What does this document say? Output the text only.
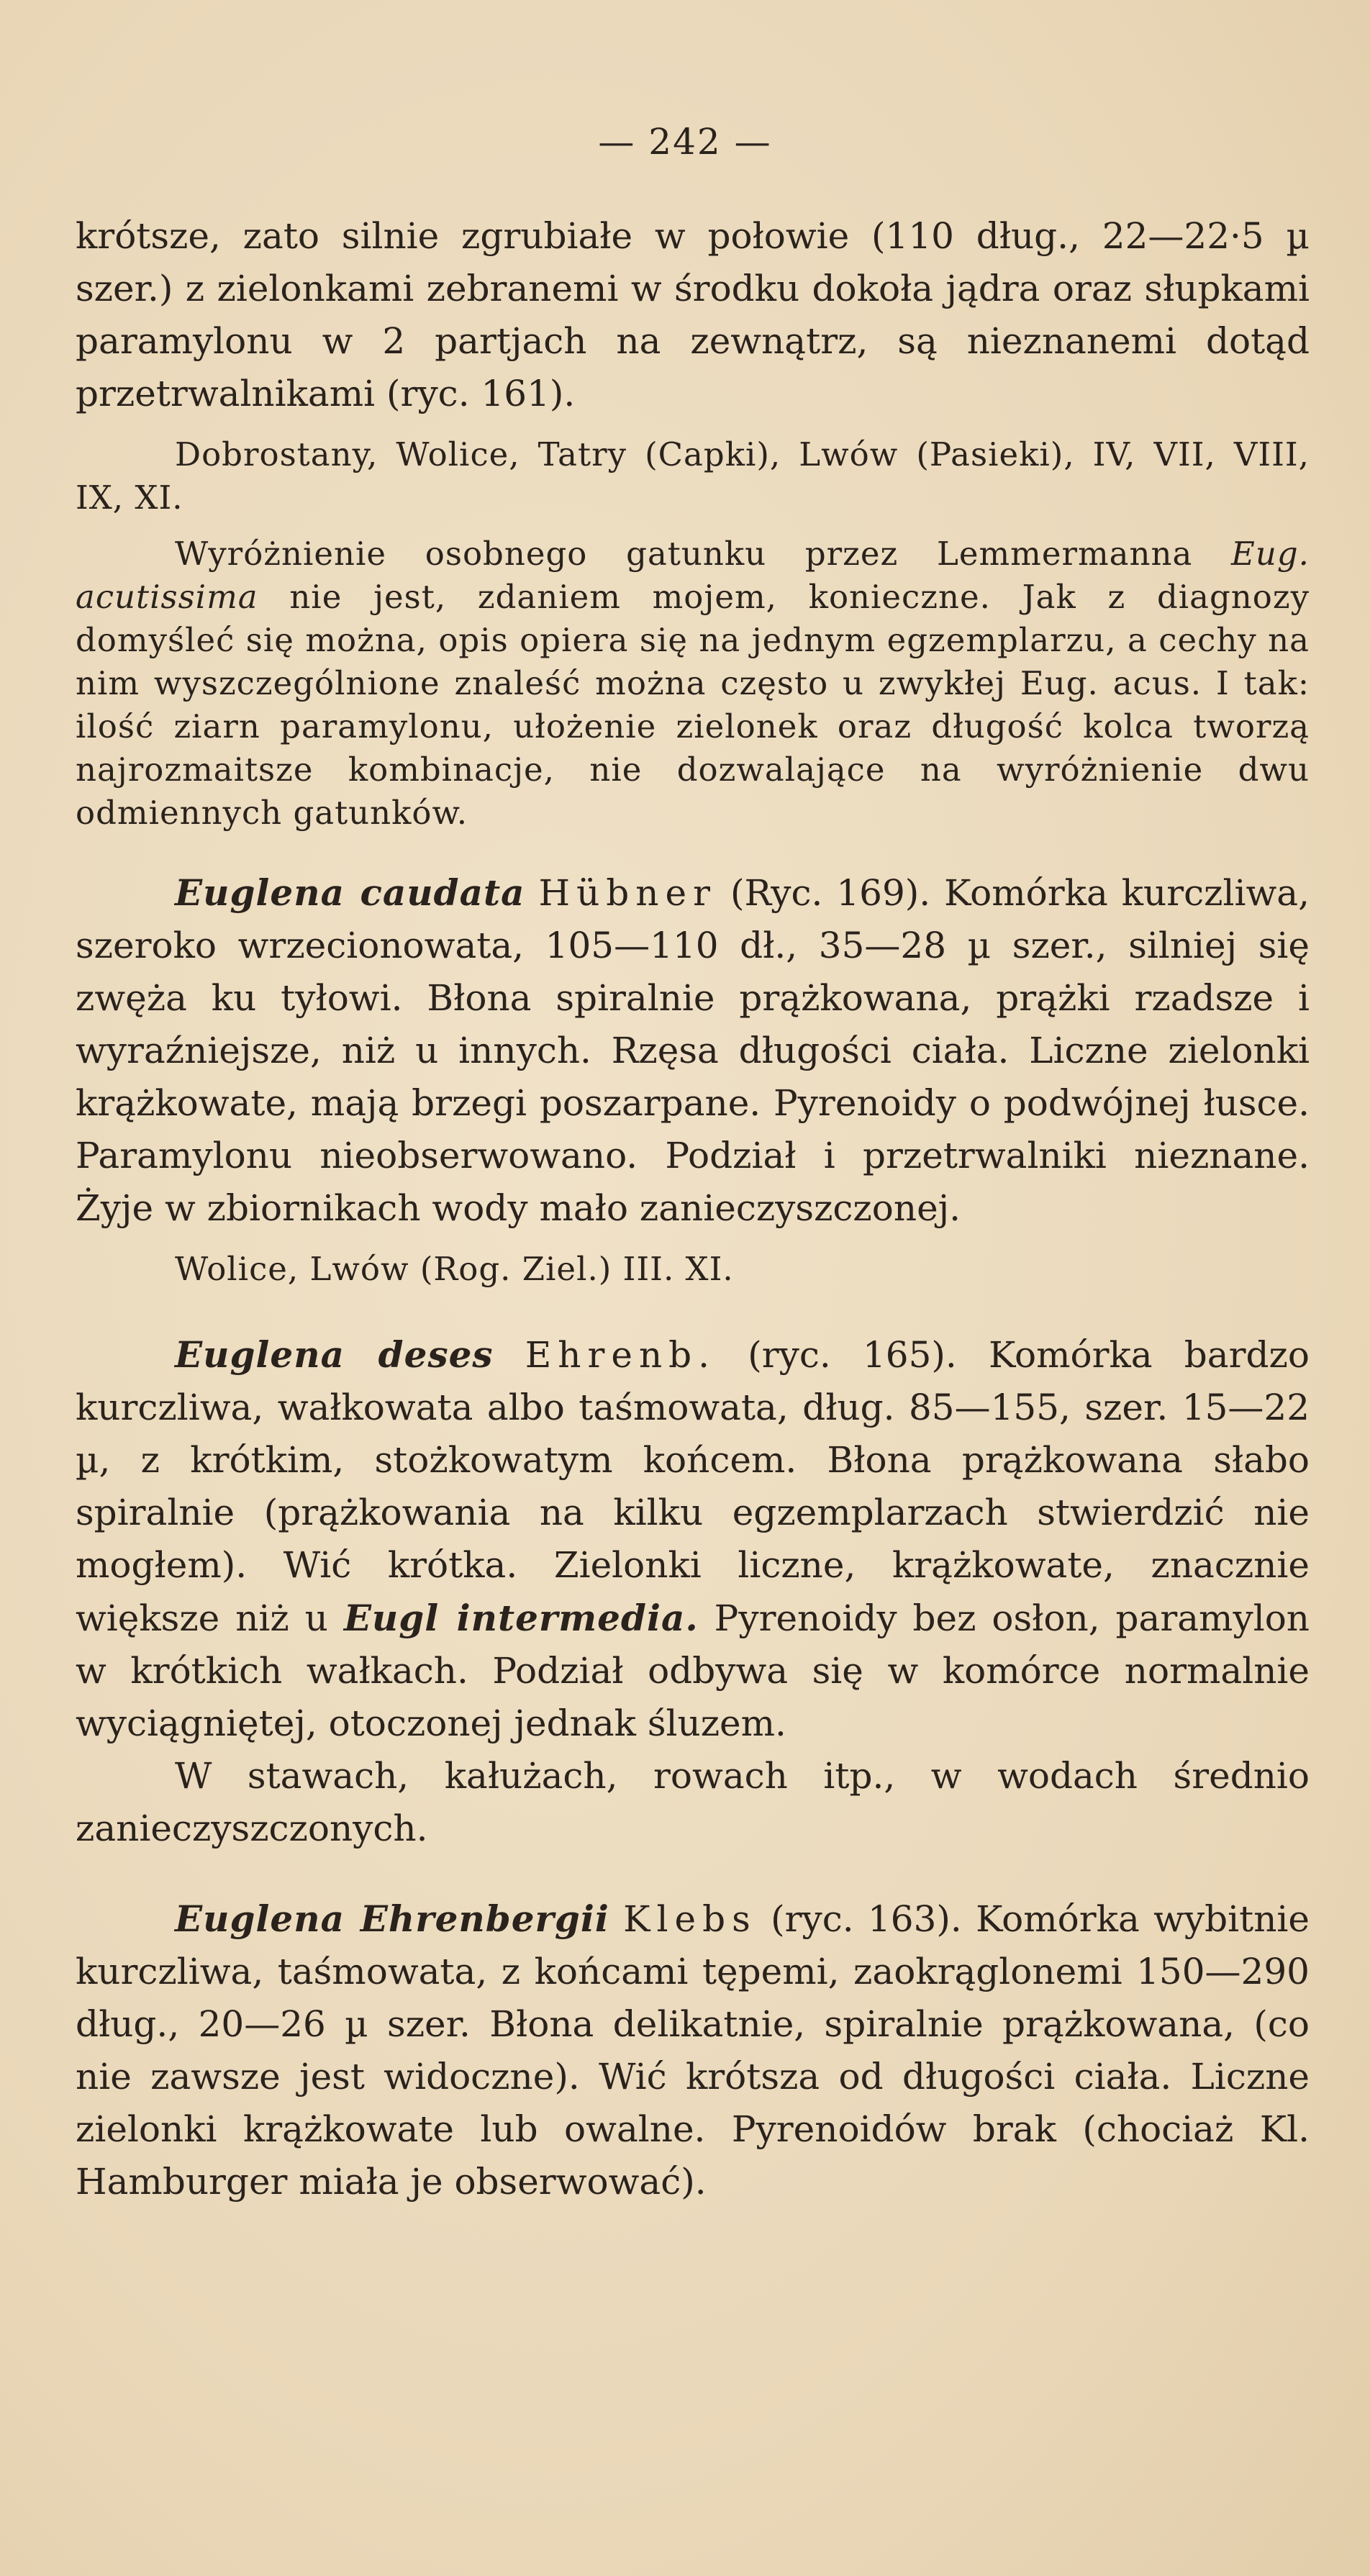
— 242 —

krótsze, zato silnie zgrubiałe w połowie (110 dług., 22—22·5 µ szer.) z zielonkami zebranemi w środku dokoła jądra oraz słupkami paramylonu w 2 partjach na zewnątrz, są nieznanemi dotąd przetrwalnikami (ryc. 161).

Dobrostany, Wolice, Tatry (Capki), Lwów (Pasieki), IV, VII, VIII, IX, XI.

Wyróżnienie osobnego gatunku przez Lemmermanna Eug. acutissima nie jest, zdaniem mojem, konieczne. Jak z diagnozy domyśleć się można, opis opiera się na jednym egzemplarzu, a cechy na nim wyszczególnione znaleść można często u zwykłej Eug. acus. I tak: ilość ziarn paramylonu, ułożenie zielonek oraz długość kolca tworzą najrozmaitsze kombinacje, nie dozwalające na wyróżnienie dwu odmiennych gatunków.

Euglena caudata Hübner (Ryc. 169). Komórka kurczliwa, szeroko wrzecionowata, 105—110 dł., 35—28 µ szer., silniej się zwęża ku tyłowi. Błona spiralnie prążkowana, prążki rzadsze i wyraźniejsze, niż u innych. Rzęsa długości ciała. Liczne zielonki krążkowate, mają brzegi poszarpane. Pyrenoidy o podwójnej łusce. Paramylonu nieobserwowano. Podział i przetrwalniki nieznane. Żyje w zbiornikach wody mało zanieczyszczonej.

Wolice, Lwów (Rog. Ziel.) III. XI.

Euglena deses Ehrenb. (ryc. 165). Komórka bardzo kurczliwa, wałkowata albo taśmowata, dług. 85—155, szer. 15—22 µ, z krótkim, stożkowatym końcem. Błona prążkowana słabo spiralnie (prążkowania na kilku egzemplarzach stwierdzić nie mogłem). Wić krótka. Zielonki liczne, krążkowate, znacznie większe niż u Eugl intermedia. Pyrenoidy bez osłon, paramylon w krótkich wałkach. Podział odbywa się w komórce normalnie wyciągniętej, otoczonej jednak śluzem.

W stawach, kałużach, rowach itp., w wodach średnio zanieczyszczonych.

Euglena Ehrenbergii Klebs (ryc. 163). Komórka wybitnie kurczliwa, taśmowata, z końcami tępemi, zaokrąglonemi 150—290 dług., 20—26 µ szer. Błona delikatnie, spiralnie prążkowana, (co nie zawsze jest widoczne). Wić krótsza od długości ciała. Liczne zielonki krążkowate lub owalne. Pyrenoidów brak (chociaż Kl. Hamburger miała je obserwować).
